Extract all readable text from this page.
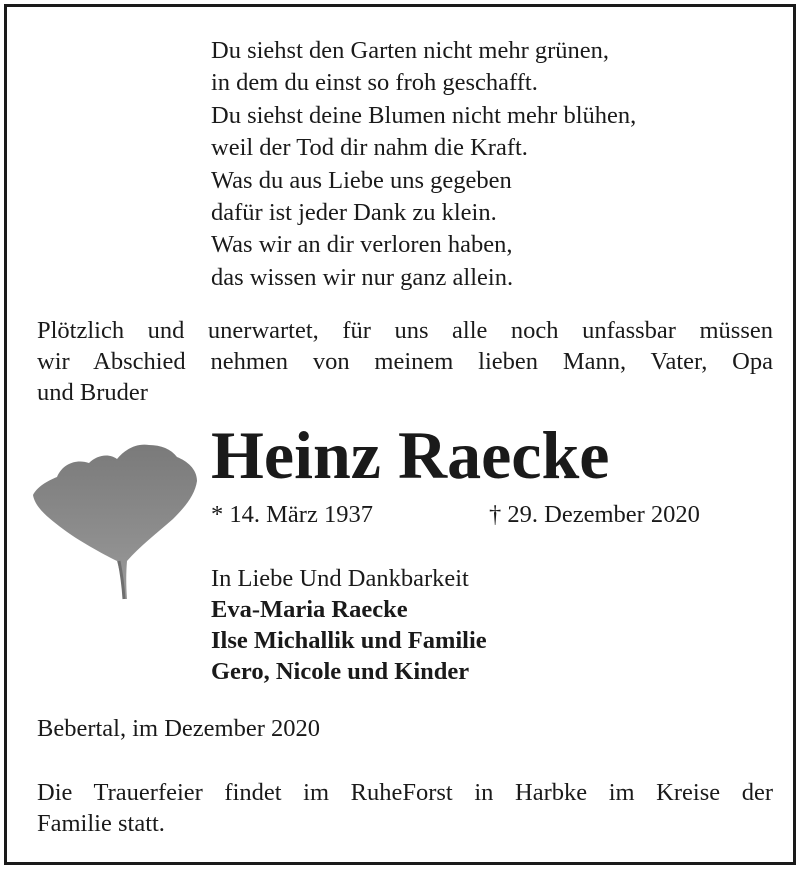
Du siehst den Garten nicht mehr grünen,
in dem du einst so froh geschafft.
Du siehst deine Blumen nicht mehr blühen,
weil der Tod dir nahm die Kraft.
Was du aus Liebe uns gegeben
dafür ist jeder Dank zu klein.
Was wir an dir verloren haben,
das wissen wir nur ganz allein.
Plötzlich und unerwartet, für uns alle noch unfassbar müssen
wir Abschied nehmen von meinem lieben Mann, Vater, Opa
und Bruder
Heinz Raecke
* 14. März 1937	† 29. Dezember 2020
In Liebe Und Dankbarkeit
Eva-Maria Raecke
Ilse Michallik und Familie
Gero, Nicole und Kinder
Bebertal, im Dezember 2020
Die Trauerfeier findet im RuheForst in Harbke im Kreise der
Familie statt.
